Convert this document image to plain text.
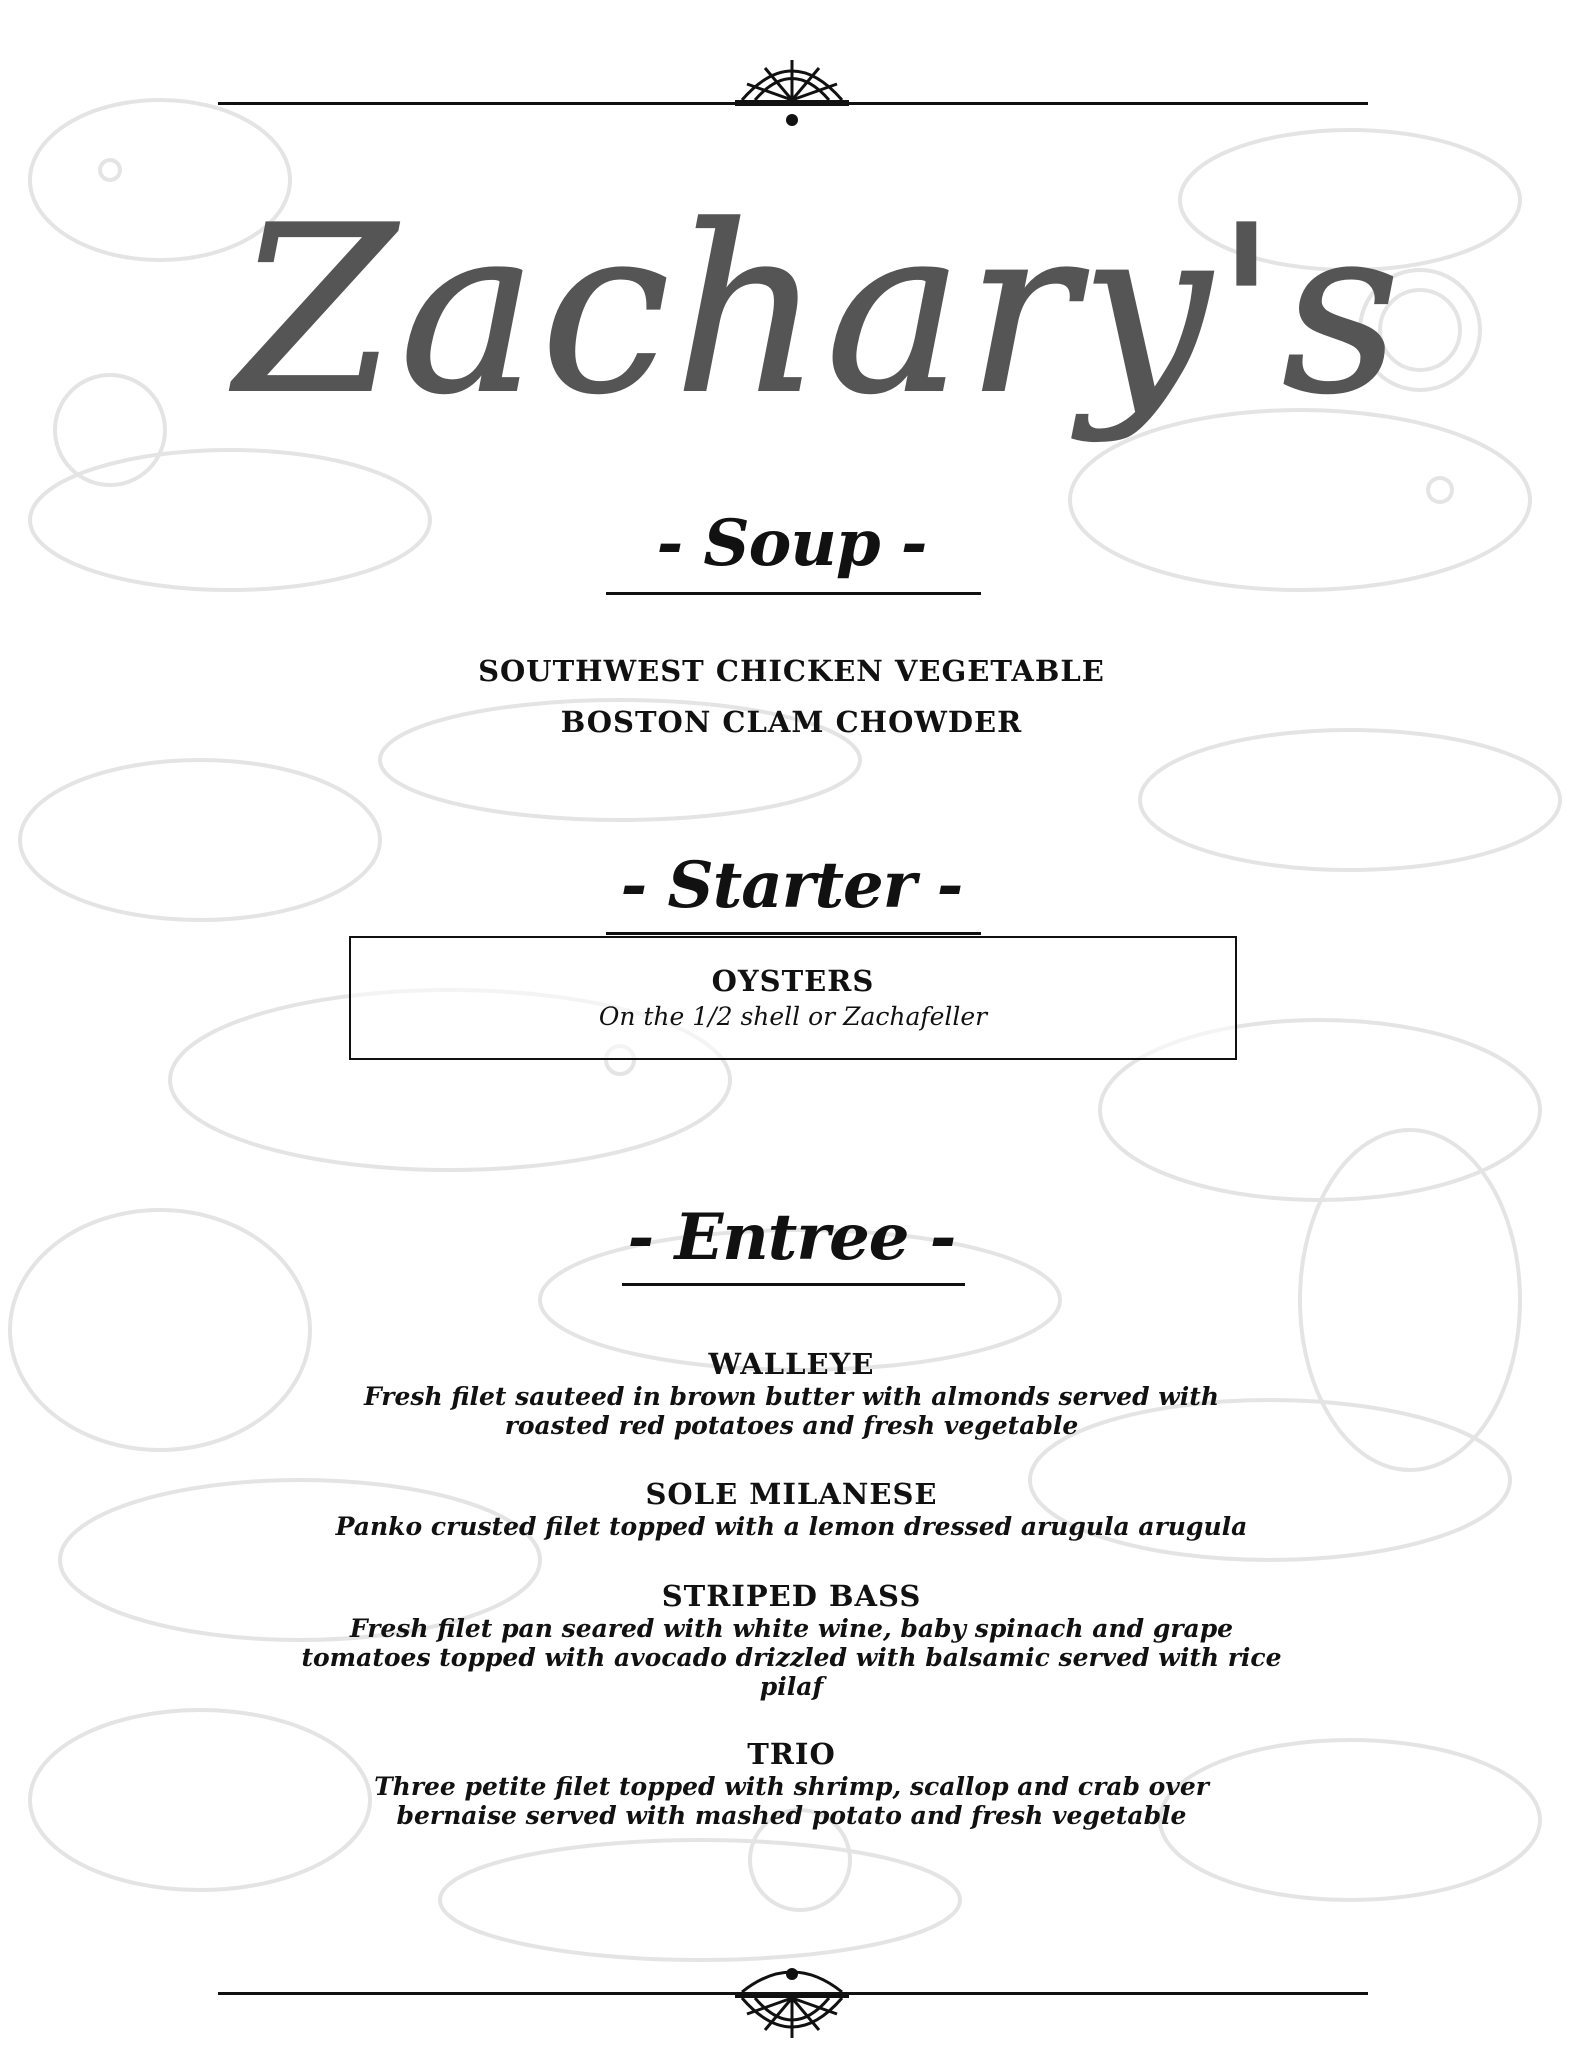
Zachary's
- Soup -
SOUTHWEST CHICKEN VEGETABLE
BOSTON CLAM CHOWDER
- Starter -
OYSTERS
On the 1/2 shell or Zachafeller
- Entree -
WALLEYE
Fresh filet sauteed in brown butter with almonds served with roasted red potatoes and fresh vegetable
SOLE MILANESE
Panko crusted filet topped with a lemon dressed arugula arugula
STRIPED BASS
Fresh filet pan seared with white wine, baby spinach and grape tomatoes topped with avocado drizzled with balsamic served with rice pilaf
TRIO
Three petite filet topped with shrimp, scallop and crab over bernaise served with mashed potato and fresh vegetable
